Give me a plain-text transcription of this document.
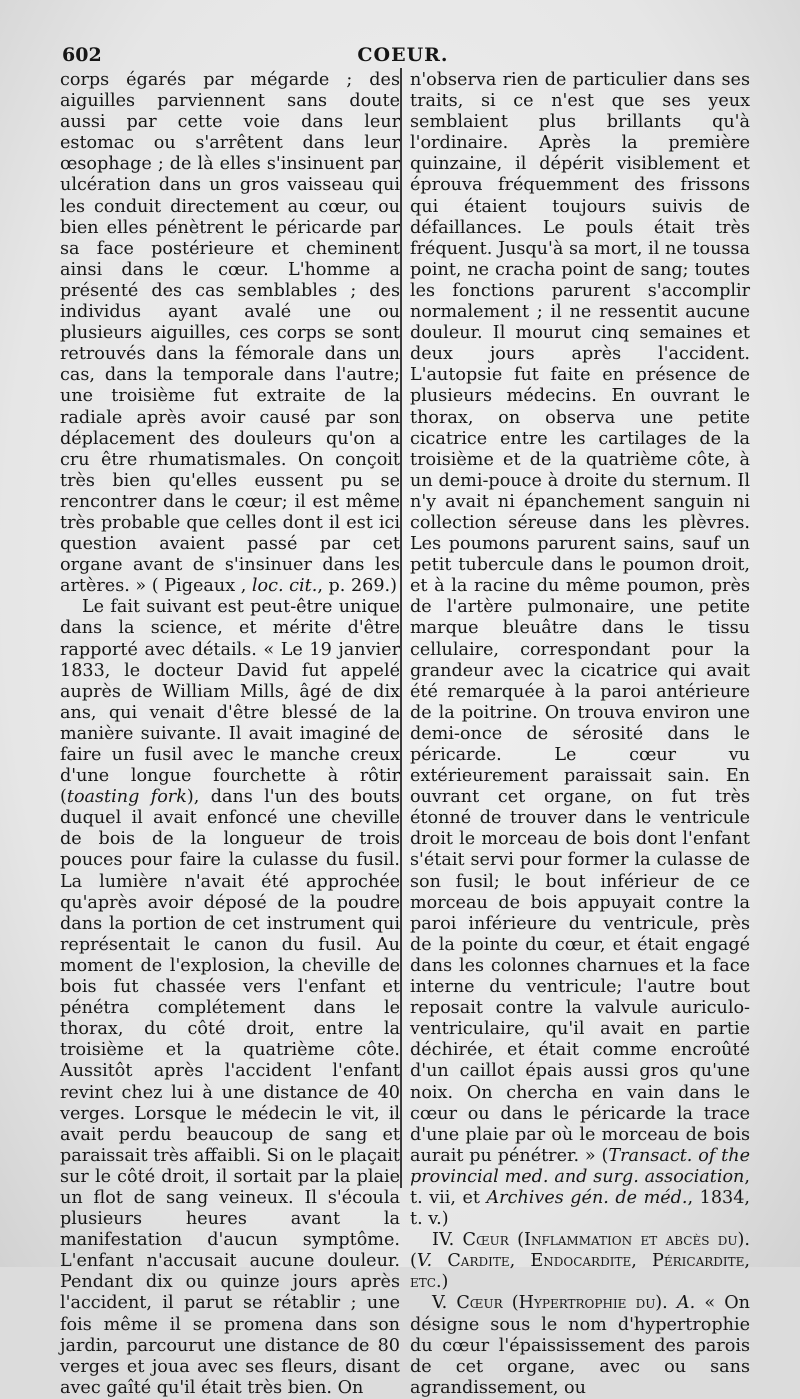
602	COEUR.

corps égarés par mégarde ; des aiguilles parviennent sans doute aussi par cette voie dans leur estomac ou s'arrêtent dans leur œsophage ; de là elles s'insinuent par ulcération dans un gros vaisseau qui les conduit directement au cœur, ou bien elles pénètrent le péricarde par sa face postérieure et cheminent ainsi dans le cœur. L'homme a présenté des cas semblables ; des individus ayant avalé une ou plusieurs aiguilles, ces corps se sont retrouvés dans la fémorale dans un cas, dans la temporale dans l'autre; une troisième fut extraite de la radiale après avoir causé par son déplacement des douleurs qu'on a cru être rhumatismales. On conçoit très bien qu'elles eussent pu se rencontrer dans le cœur; il est même très probable que celles dont il est ici question avaient passé par cet organe avant de s'insinuer dans les artères. » ( Pigeaux , loc. cit., p. 269.)

Le fait suivant est peut-être unique dans la science, et mérite d'être rapporté avec détails. « Le 19 janvier 1833, le docteur David fut appelé auprès de William Mills, âgé de dix ans, qui venait d'être blessé de la manière suivante. Il avait imaginé de faire un fusil avec le manche creux d'une longue fourchette à rôtir (toasting fork), dans l'un des bouts duquel il avait enfoncé une cheville de bois de la longueur de trois pouces pour faire la culasse du fusil. La lumière n'avait été approchée qu'après avoir déposé de la poudre dans la portion de cet instrument qui représentait le canon du fusil. Au moment de l'explosion, la cheville de bois fut chassée vers l'enfant et pénétra complétement dans le thorax, du côté droit, entre la troisième et la quatrième côte. Aussitôt après l'accident l'enfant revint chez lui à une distance de 40 verges. Lorsque le médecin le vit, il avait perdu beaucoup de sang et paraissait très affaibli. Si on le plaçait sur le côté droit, il sortait par la plaie un flot de sang veineux. Il s'écoula plusieurs heures avant la manifestation d'aucun symptôme. L'enfant n'accusait aucune douleur. Pendant dix ou quinze jours après l'accident, il parut se rétablir ; une fois même il se promena dans son jardin, parcourut une distance de 80 verges et joua avec ses fleurs, disant avec gaîté qu'il était très bien. On

n'observa rien de particulier dans ses traits, si ce n'est que ses yeux semblaient plus brillants qu'à l'ordinaire. Après la première quinzaine, il dépérit visiblement et éprouva fréquemment des frissons qui étaient toujours suivis de défaillances. Le pouls était très fréquent. Jusqu'à sa mort, il ne toussa point, ne cracha point de sang; toutes les fonctions parurent s'accomplir normalement ; il ne ressentit aucune douleur. Il mourut cinq semaines et deux jours après l'accident. L'autopsie fut faite en présence de plusieurs médecins. En ouvrant le thorax, on observa une petite cicatrice entre les cartilages de la troisième et de la quatrième côte, à un demi-pouce à droite du sternum. Il n'y avait ni épanchement sanguin ni collection séreuse dans les plèvres. Les poumons parurent sains, sauf un petit tubercule dans le poumon droit, et à la racine du même poumon, près de l'artère pulmonaire, une petite marque bleuâtre dans le tissu cellulaire, correspondant pour la grandeur avec la cicatrice qui avait été remarquée à la paroi antérieure de la poitrine. On trouva environ une demi-once de sérosité dans le péricarde. Le cœur vu extérieurement paraissait sain. En ouvrant cet organe, on fut très étonné de trouver dans le ventricule droit le morceau de bois dont l'enfant s'était servi pour former la culasse de son fusil; le bout inférieur de ce morceau de bois appuyait contre la paroi inférieure du ventricule, près de la pointe du cœur, et était engagé dans les colonnes charnues et la face interne du ventricule; l'autre bout reposait contre la valvule auriculo-ventriculaire, qu'il avait en partie déchirée, et était comme encroûté d'un caillot épais aussi gros qu'une noix. On chercha en vain dans le cœur ou dans le péricarde la trace d'une plaie par où le morceau de bois aurait pu pénétrer. » (Transact. of the provincial med. and surg. association, t. vii, et Archives gén. de méd., 1834, t. v.)

IV. Cœur (Inflammation et abcès du). (V. Cardite, Endocardite, Péricardite, etc.)

V. Cœur (Hypertrophie du). A. « On désigne sous le nom d'hypertrophie du cœur l'épaississement des parois de cet organe, avec ou sans agrandissement, ou
